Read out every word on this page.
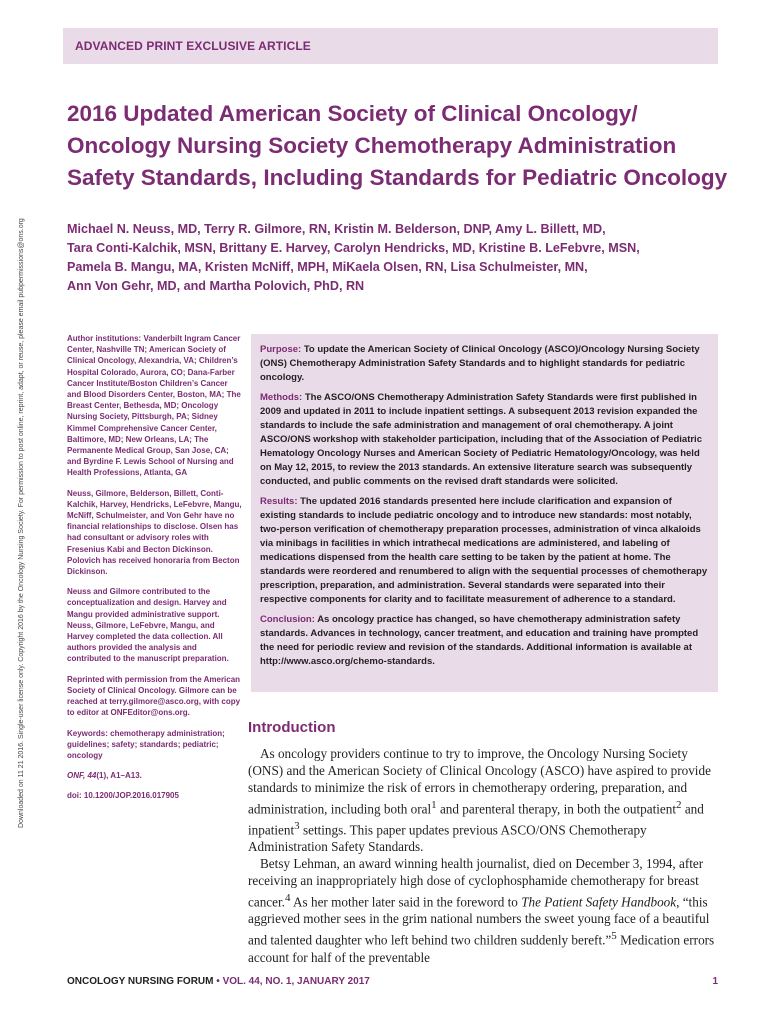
ADVANCED PRINT EXCLUSIVE ARTICLE
2016 Updated American Society of Clinical Oncology/
Oncology Nursing Society Chemotherapy Administration
Safety Standards, Including Standards for Pediatric Oncology
Michael N. Neuss, MD, Terry R. Gilmore, RN, Kristin M. Belderson, DNP, Amy L. Billett, MD,
Tara Conti-Kalchik, MSN, Brittany E. Harvey, Carolyn Hendricks, MD, Kristine B. LeFebvre, MSN,
Pamela B. Mangu, MA, Kristen McNiff, MPH, MiKaela Olsen, RN, Lisa Schulmeister, MN,
Ann Von Gehr, MD, and Martha Polovich, PhD, RN
Downloaded on 11 21 2016. Single-user license only. Copyright 2016 by the Oncology Nursing Society. For permission to post online, reprint, adapt, or reuse, please email pubpermissions@ons.org	Author institutions: Vanderbilt Ingram Cancer Center, Nashville TN; American Society of Clinical Oncology, Alexandria, VA; Children’s Hospital Colorado, Aurora, CO; Dana-Farber Cancer Institute/Boston Children’s Cancer and Blood Disorders Center, Boston, MA; The Breast Center, Bethesda, MD; Oncology Nursing Society, Pittsburgh, PA; Sidney Kimmel Comprehensive Cancer Center, Baltimore, MD; New Orleans, LA; The Permanente Medical Group, San Jose, CA; and Byrdine F. Lewis School of Nursing and Health Professions, Atlanta, GA

Neuss, Gilmore, Belderson, Billett, Conti-Kalchik, Harvey, Hendricks, LeFebvre, Mangu, McNiff, Schulmeister, and Von Gehr have no financial relationships to disclose. Olsen has had consultant or advisory roles with Fresenius Kabi and Becton Dickinson. Polovich has received honoraria from Becton Dickinson.

Neuss and Gilmore contributed to the conceptualization and design. Harvey and Mangu provided administrative support. Neuss, Gilmore, LeFebvre, Mangu, and Harvey completed the data collection. All authors provided the analysis and contributed to the manuscript preparation.

Reprinted with permission from the American Society of Clinical Oncology. Gilmore can be reached at terry.gilmore@asco.org, with copy to editor at ONFEditor@ons.org.

Keywords: chemotherapy administration; guidelines; safety; standards; pediatric; oncology

ONF, 44(1), A1–A13.

doi: 10.1200/JOP.2016.017905

Purpose: To update the American Society of Clinical Oncology (ASCO)/Oncology Nursing Society (ONS) Chemotherapy Administration Safety Standards and to highlight standards for pediatric oncology.

Methods: The ASCO/ONS Chemotherapy Administration Safety Standards were first published in 2009 and updated in 2011 to include inpatient settings. A subsequent 2013 revision expanded the standards to include the safe administration and management of oral chemotherapy. A joint ASCO/ONS workshop with stakeholder participation, including that of the Association of Pediatric Hematology Oncology Nurses and American Society of Pediatric Hematology/Oncology, was held on May 12, 2015, to review the 2013 standards. An extensive literature search was subsequently conducted, and public comments on the revised draft standards were solicited.

Results: The updated 2016 standards presented here include clarification and expansion of existing standards to include pediatric oncology and to introduce new standards: most notably, two-person verification of chemotherapy preparation processes, administration of vinca alkaloids via minibags in facilities in which intrathecal medications are administered, and labeling of medications dispensed from the health care setting to be taken by the patient at home. The standards were reordered and renumbered to align with the sequential processes of chemotherapy prescription, preparation, and administration. Several standards were separated into their respective components for clarity and to facilitate measurement of adherence to a standard.

Conclusion: As oncology practice has changed, so have chemotherapy administration safety standards. Advances in technology, cancer treatment, and education and training have prompted the need for periodic review and revision of the standards. Additional information is available at http://www.asco.org/chemo-standards.

Introduction

As oncology providers continue to try to improve, the Oncology Nursing Society (ONS) and the American Society of Clinical Oncology (ASCO) have aspired to provide standards to minimize the risk of errors in chemotherapy ordering, preparation, and administration, including both oral$^1$ and parenteral therapy, in both the outpatient$^2$ and inpatient$^3$ settings. This paper updates previous ASCO/ONS Chemotherapy Administration Safety Standards.

Betsy Lehman, an award winning health journalist, died on December 3, 1994, after receiving an inappropriately high dose of cyclophosphamide chemotherapy for breast cancer.$^4$ As her mother later said in the foreword to The Patient Safety Handbook, “this aggrieved mother sees in the grim national numbers the sweet young face of a beautiful and talented daughter who left behind two children suddenly bereft.”$^5$ Medication errors account for half of the preventable

ONCOLOGY NURSING FORUM • VOL. 44, NO. 1, JANUARY 2017	1
